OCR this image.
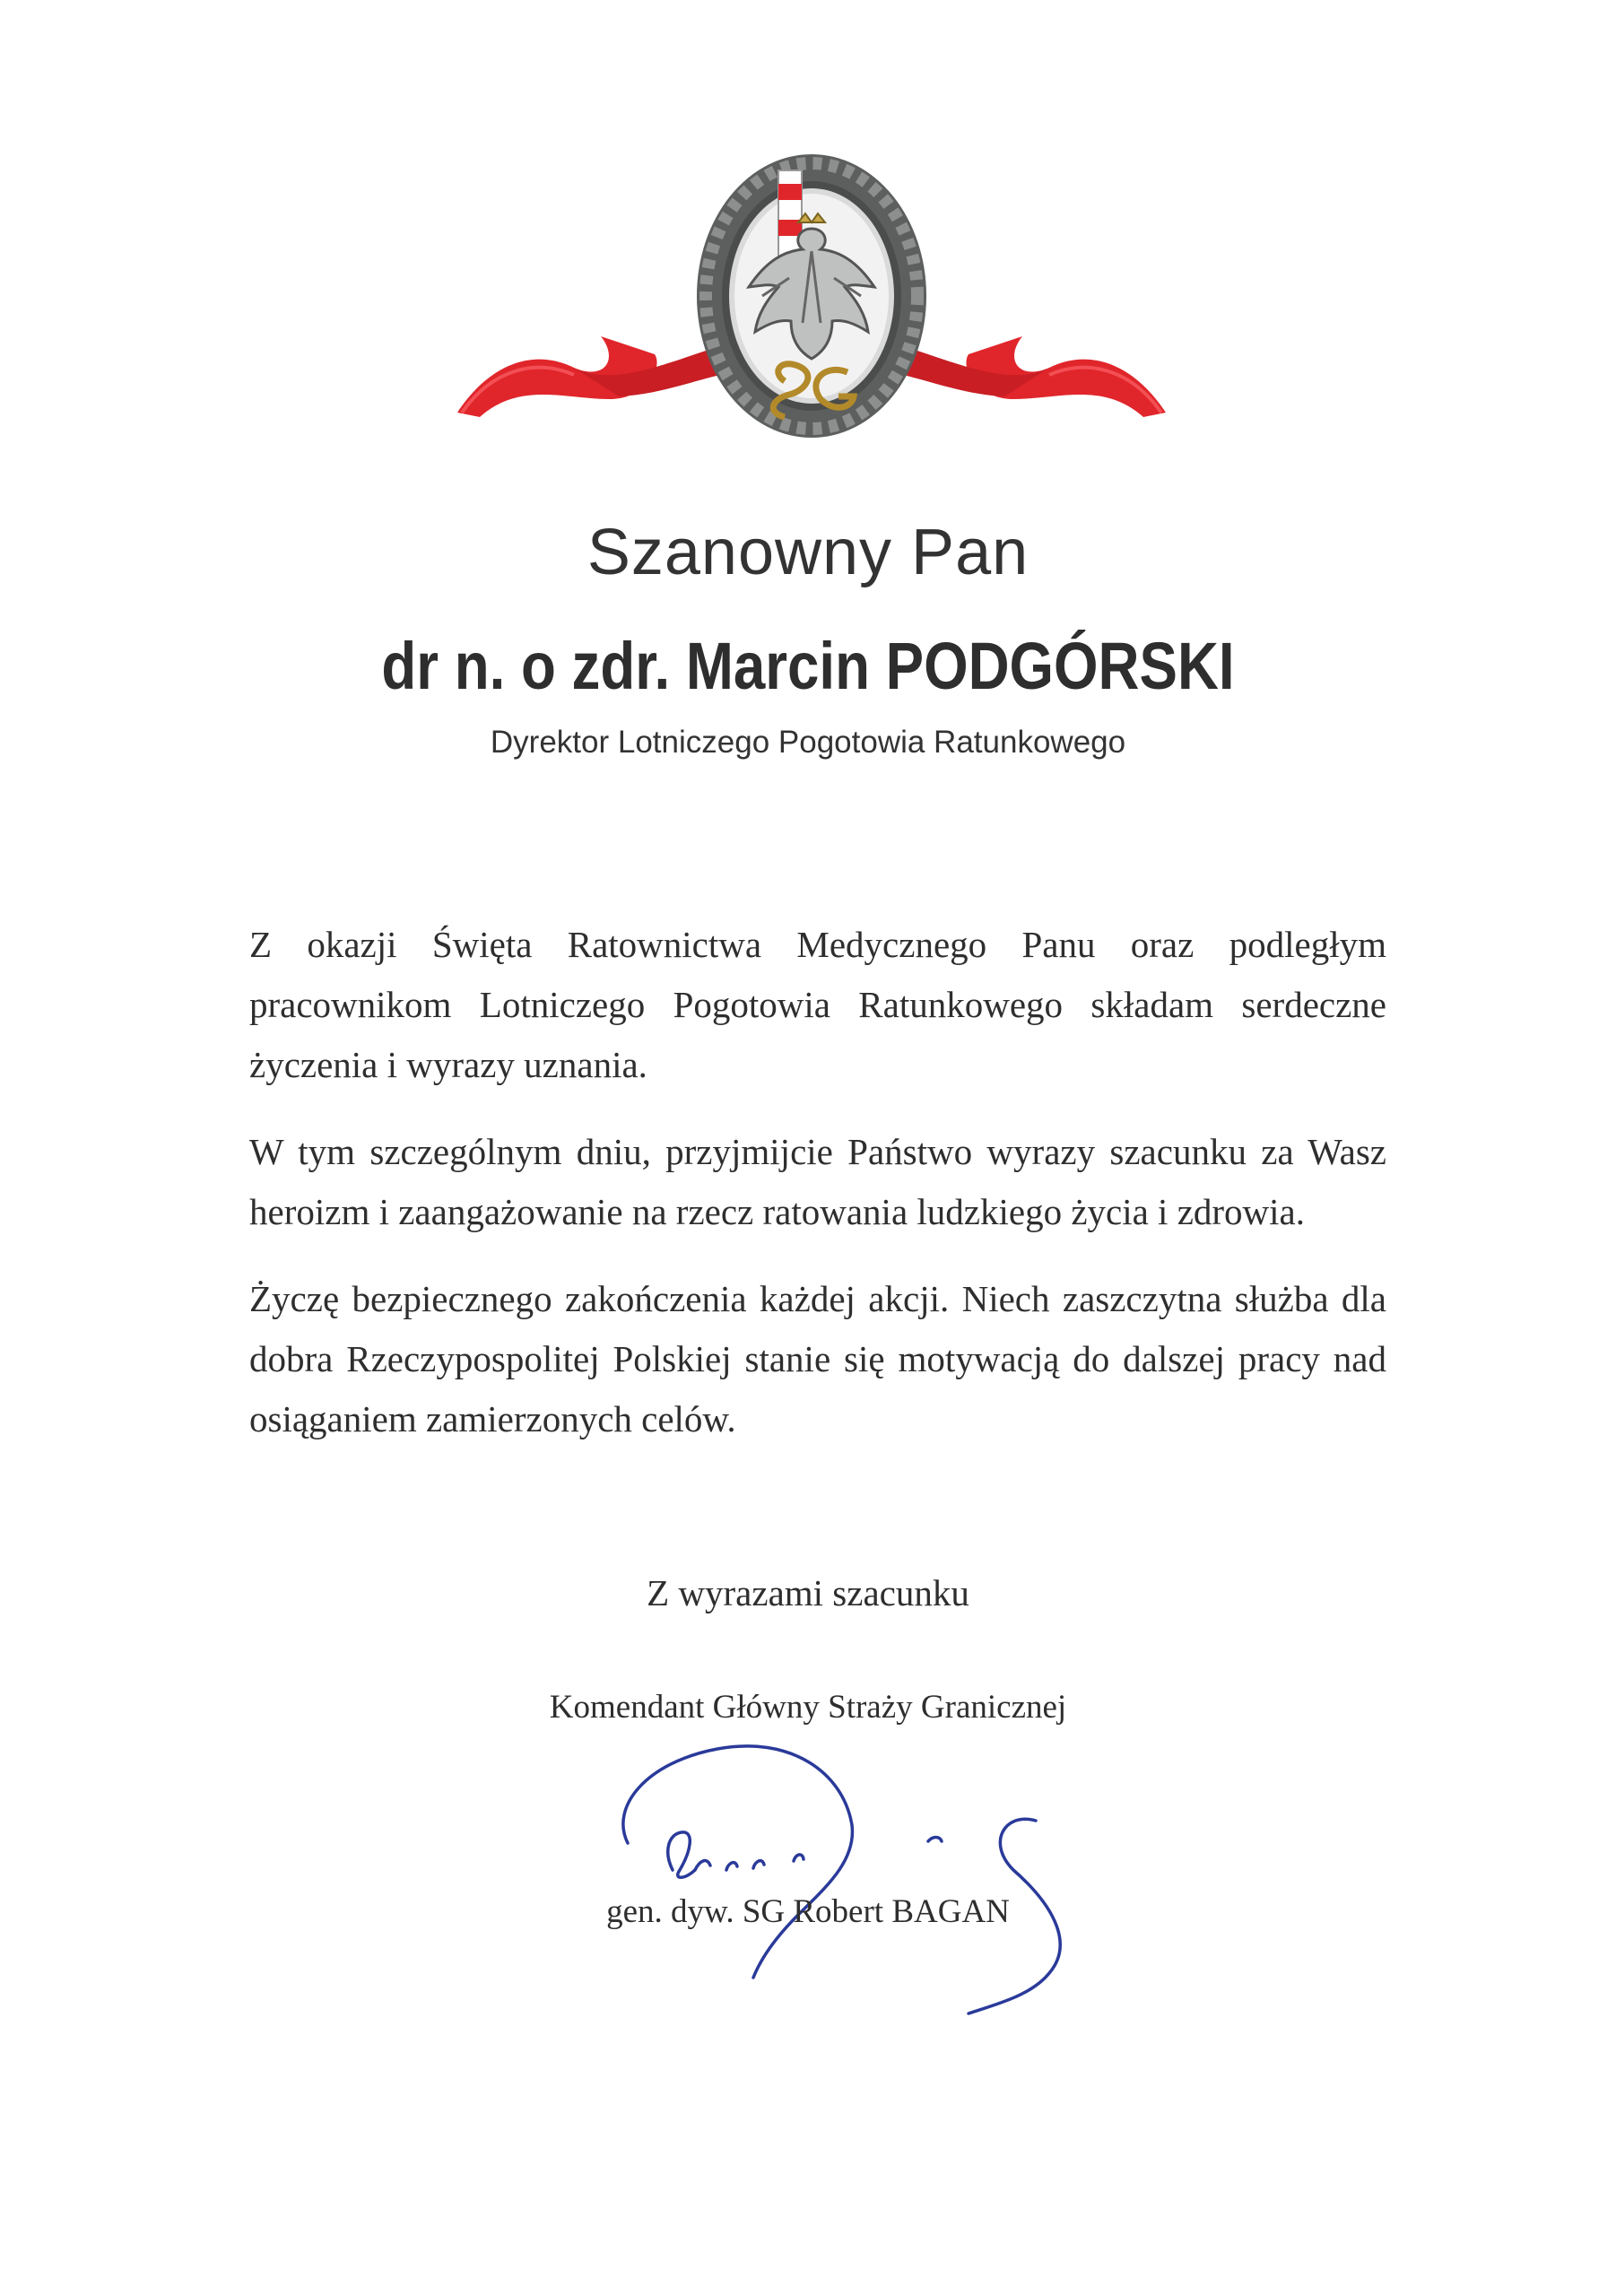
Szanowny Pan
dr n. o zdr. Marcin PODGÓRSKI
Dyrektor Lotniczego Pogotowia Ratunkowego

Z okazji Święta Ratownictwa Medycznego Panu oraz podległym pracownikom Lotniczego Pogotowia Ratunkowego składam serdeczne życzenia i wyrazy uznania.

W tym szczególnym dniu, przyjmijcie Państwo wyrazy szacunku za Wasz heroizm i zaangażowanie na rzecz ratowania ludzkiego życia i zdrowia.

Życzę bezpiecznego zakończenia każdej akcji. Niech zaszczytna służba dla dobra Rzeczypospolitej Polskiej stanie się motywacją do dalszej pracy nad osiąganiem zamierzonych celów.

Z wyrazami szacunku
Komendant Główny Straży Granicznej
gen. dyw. SG Robert BAGAN
